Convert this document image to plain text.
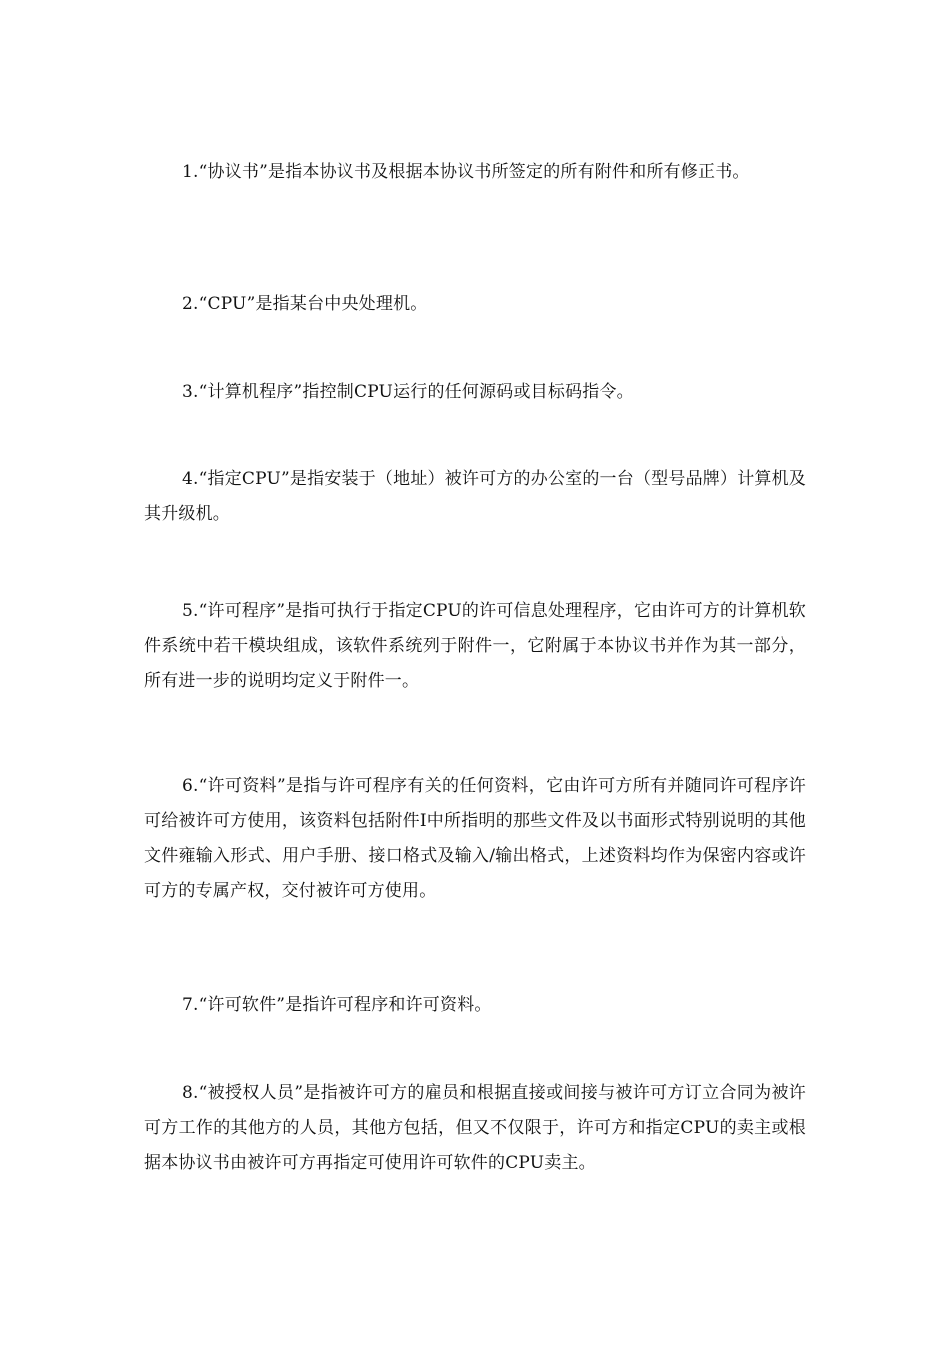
1.“协议书”是指本协议书及根据本协议书所签定的所有附件和所有修正书。

2.“CPU”是指某台中央处理机。

3.“计算机程序”指控制CPU运行的任何源码或目标码指令。

4.“指定CPU”是指安装于（地址）被许可方的办公室的一台（型号品牌）计算机及其升级机。

5.“许可程序”是指可执行于指定CPU的许可信息处理程序，它由许可方的计算机软件系统中若干模块组成，该软件系统列于附件一，它附属于本协议书并作为其一部分，所有进一步的说明均定义于附件一。

6.“许可资料”是指与许可程序有关的任何资料，它由许可方所有并随同许可程序许可给被许可方使用，该资料包括附件I中所指明的那些文件及以书面形式特别说明的其他文件雍输入形式、用户手册、接口格式及输入/输出格式，上述资料均作为保密内容或许可方的专属产权，交付被许可方使用。

7.“许可软件”是指许可程序和许可资料。

8.“被授权人员”是指被许可方的雇员和根据直接或间接与被许可方订立合同为被许可方工作的其他方的人员，其他方包括，但又不仅限于，许可方和指定CPU的卖主或根据本协议书由被许可方再指定可使用许可软件的CPU卖主。
